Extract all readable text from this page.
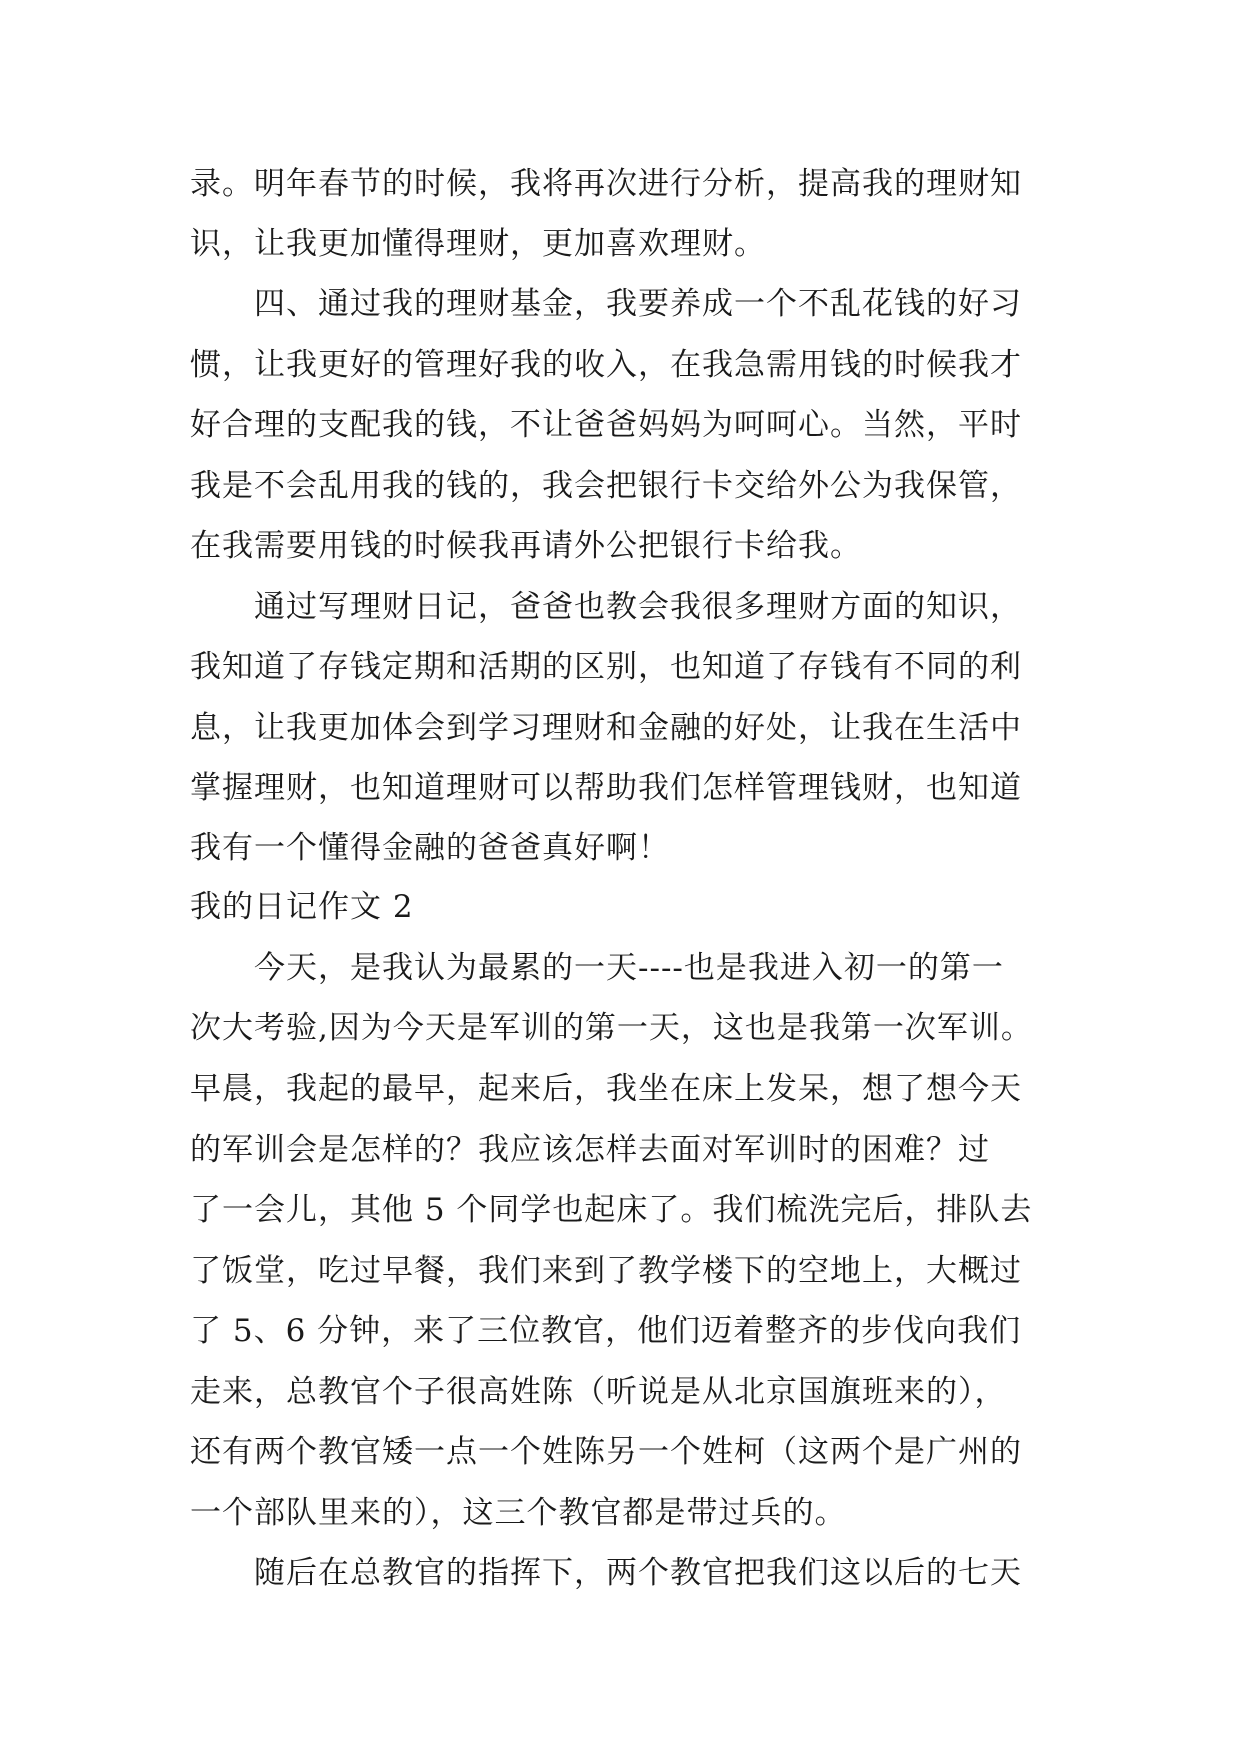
录。明年春节的时候，我将再次进行分析，提高我的理财知
识，让我更加懂得理财，更加喜欢理财。
四、通过我的理财基金，我要养成一个不乱花钱的好习
惯，让我更好的管理好我的收入，在我急需用钱的时候我才
好合理的支配我的钱，不让爸爸妈妈为呵呵心。当然，平时
我是不会乱用我的钱的，我会把银行卡交给外公为我保管，
在我需要用钱的时候我再请外公把银行卡给我。
通过写理财日记，爸爸也教会我很多理财方面的知识，
我知道了存钱定期和活期的区别，也知道了存钱有不同的利
息，让我更加体会到学习理财和金融的好处，让我在生活中
掌握理财，也知道理财可以帮助我们怎样管理钱财，也知道
我有一个懂得金融的爸爸真好啊！
我的日记作文 2
今天，是我认为最累的一天----也是我进入初一的第一
次大考验,因为今天是军训的第一天，这也是我第一次军训。
早晨，我起的最早，起来后，我坐在床上发呆，想了想今天
的军训会是怎样的？我应该怎样去面对军训时的困难？过
了一会儿，其他 5 个同学也起床了。我们梳洗完后，排队去
了饭堂，吃过早餐，我们来到了教学楼下的空地上，大概过
了 5、6 分钟，来了三位教官，他们迈着整齐的步伐向我们
走来，总教官个子很高姓陈（听说是从北京国旗班来的），
还有两个教官矮一点一个姓陈另一个姓柯（这两个是广州的
一个部队里来的），这三个教官都是带过兵的。
随后在总教官的指挥下，两个教官把我们这以后的七天
